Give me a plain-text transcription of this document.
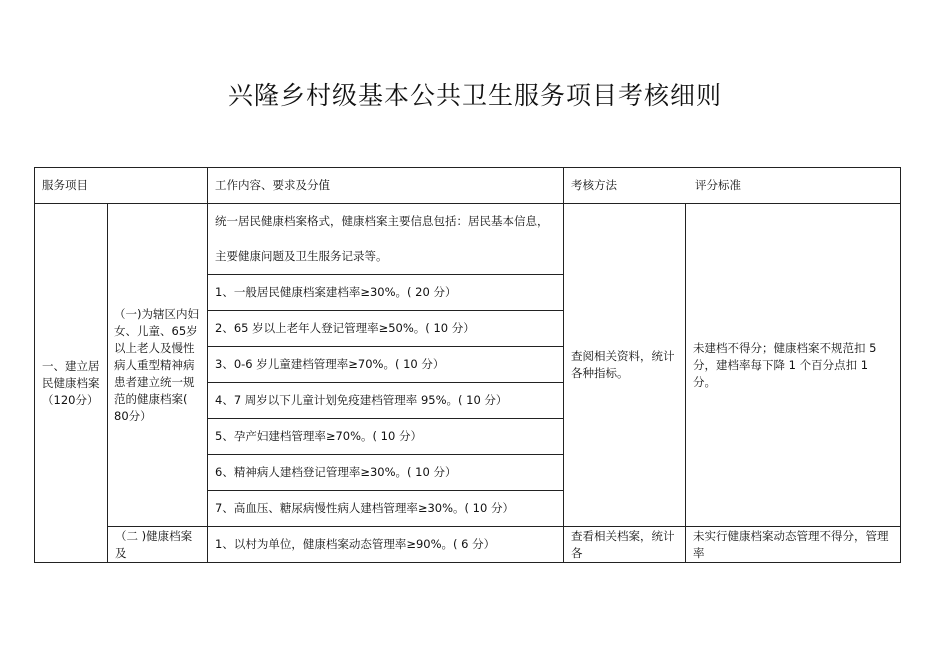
兴隆乡村级基本公共卫生服务项目考核细则
服务项目		工作内容、要求及分值	考核方法 评分标准	

一、建立居民健康档案（120分）	（一)为辖区内妇女、儿童、65岁以上老人及慢性病人重型精神病患者建立统一规范的健康档案( 80分）	统一居民健康档案格式，健康档案主要信息包括：居民基本信息，主要健康问题及卫生服务记录等。	查阅相关资料，统计各种指标。	未建档不得分；健康档案不规范扣 5 分，建档率每下降 1 个百分点扣 1 分。
		1、一般居民健康档案建档率≥30%。( 20 分）		
		2、65 岁以上老年人登记管理率≥50%。( 10 分）		
		3、0-6 岁儿童建档管理率≥70%。( 10 分）		
		4、7 周岁以下儿童计划免疫建档管理率 95%。( 10 分）		
		5、孕产妇建档管理率≥70%。( 10 分）		
		6、精神病人建档登记管理率≥30%。( 10 分）		
		7、高血压、糖尿病慢性病人建档管理率≥30%。( 10 分）		
	（二 )健康档案及	1、以村为单位，健康档案动态管理率≥90%。( 6 分）	查看相关档案，统计各	未实行健康档案动态管理不得分，管理率
